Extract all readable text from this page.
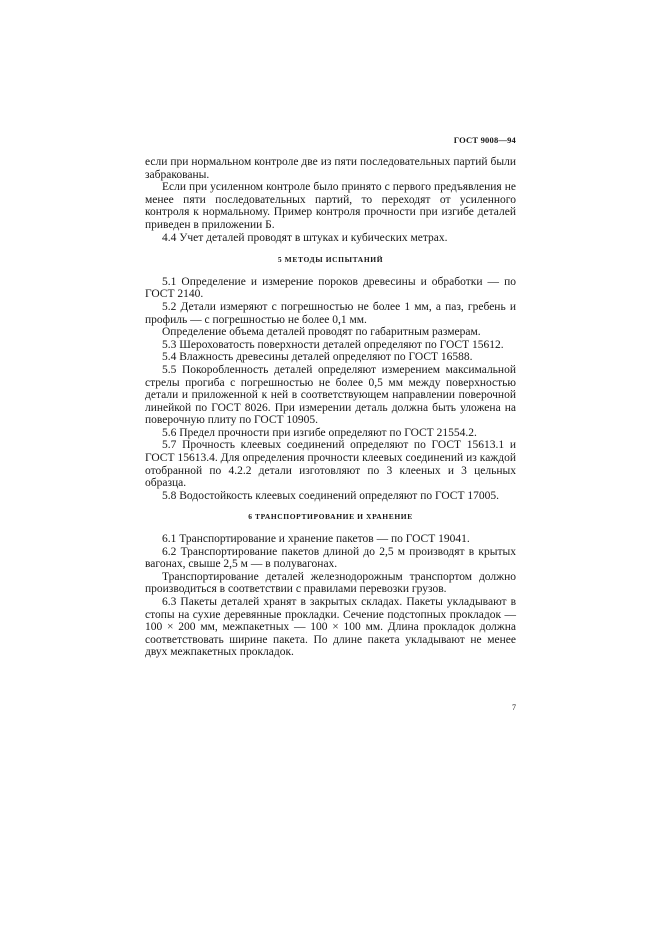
ГОСТ 9008—94

если при нормальном контроле две из пяти последовательных партий были забракованы.

Если при усиленном контроле было принято с первого предъявления не менее пяти последовательных партий, то переходят от усиленного контроля к нормальному. Пример контроля прочности при изгибе деталей приведен в приложении Б.

4.4 Учет деталей проводят в штуках и кубических метрах.

5 МЕТОДЫ ИСПЫТАНИЙ

5.1 Определение и измерение пороков древесины и обработки — по ГОСТ 2140.

5.2 Детали измеряют с погрешностью не более 1 мм, а паз, гребень и профиль — с погрешностью не более 0,1 мм.

Определение объема деталей проводят по габаритным размерам.

5.3 Шероховатость поверхности деталей определяют по ГОСТ 15612.

5.4 Влажность древесины деталей определяют по ГОСТ 16588.

5.5 Покоробленность деталей определяют измерением максимальной стрелы прогиба с погрешностью не более 0,5 мм между поверхностью детали и приложенной к ней в соответствующем направлении поверочной линейкой по ГОСТ 8026. При измерении деталь должна быть уложена на поверочную плиту по ГОСТ 10905.

5.6 Предел прочности при изгибе определяют по ГОСТ 21554.2.

5.7 Прочность клеевых соединений определяют по ГОСТ 15613.1 и ГОСТ 15613.4. Для определения прочности клеевых соединений из каждой отобранной по 4.2.2 детали изготовляют по 3 клееных и 3 цельных образца.

5.8 Водостойкость клеевых соединений определяют по ГОСТ 17005.

6 ТРАНСПОРТИРОВАНИЕ И ХРАНЕНИЕ

6.1 Транспортирование и хранение пакетов — по ГОСТ 19041.

6.2 Транспортирование пакетов длиной до 2,5 м производят в крытых вагонах, свыше 2,5 м — в полувагонах.

Транспортирование деталей железнодорожным транспортом должно производиться в соответствии с правилами перевозки грузов.

6.3 Пакеты деталей хранят в закрытых складах. Пакеты укладывают в стопы на сухие деревянные прокладки. Сечение подстопных прокладок — 100 × 200 мм, межпакетных — 100 × 100 мм. Длина прокладок должна соответствовать ширине пакета. По длине пакета укладывают не менее двух межпакетных прокладок.

7
